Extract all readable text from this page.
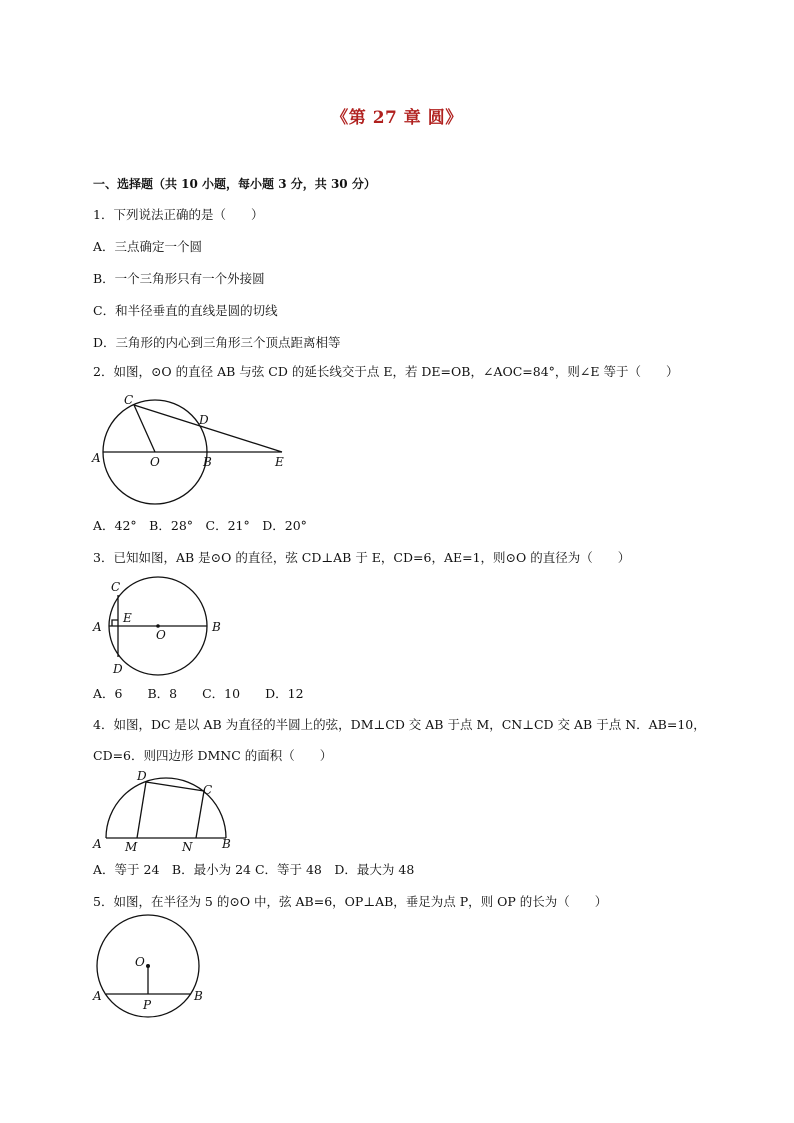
《第 27 章 圆》
一、选择题（共 10 小题，每小题 3 分，共 30 分）
1．下列说法正确的是（　　）
A．三点确定一个圆
B．一个三角形只有一个外接圆
C．和半径垂直的直线是圆的切线
D．三角形的内心到三角形三个顶点距离相等
2．如图，⊙O 的直径 AB 与弦 CD 的延长线交于点 E，若 DE=OB，∠AOC=84°，则∠E 等于（　　）
A
C
D
O	B	E
A．42°　B．28°　C．21°　D．20°
3．已知如图，AB 是⊙O 的直径，弦 CD⊥AB 于 E，CD=6，AE=1，则⊙O 的直径为（　　）
C
E
A
O
B
D
A．6　　B．8　　C．10　　D．12
4．如图，DC 是以 AB 为直径的半圆上的弦，DM⊥CD 交 AB 于点 M，CN⊥CD 交 AB 于点 N．AB=10，
CD=6．则四边形 DMNC 的面积（　　）
D
C
A M	N B
A．等于 24　B．最小为 24 C．等于 48　D．最大为 48
5．如图，在半径为 5 的⊙O 中，弦 AB=6，OP⊥AB，垂足为点 P，则 OP 的长为（　　）
O
A	B
P
